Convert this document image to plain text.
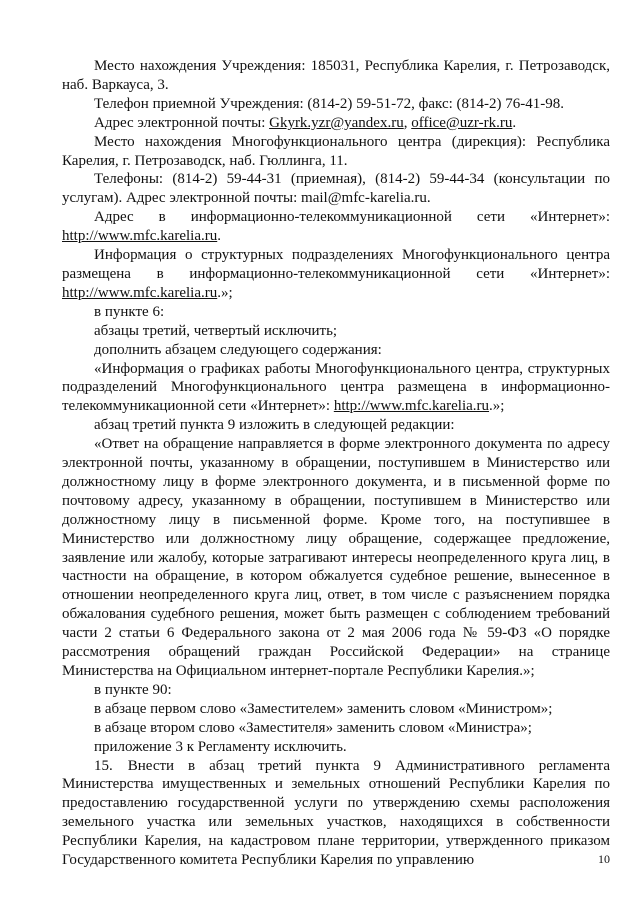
Место нахождения Учреждения: 185031, Республика Карелия, г. Петрозаводск, наб. Варкауса, 3.

Телефон приемной Учреждения: (814-2) 59-51-72, факс: (814-2) 76-41-98.

Адрес электронной почты: Gkyrk.yzr@yandex.ru, office@uzr-rk.ru.

Место нахождения Многофункционального центра (дирекция): Республика Карелия, г. Петрозаводск, наб. Гюллинга, 11.

Телефоны: (814-2) 59-44-31 (приемная), (814-2) 59-44-34 (консультации по услугам). Адрес электронной почты: mail@mfc-karelia.ru.

Адрес в информационно-телекоммуникационной сети «Интернет»: http://www.mfc.karelia.ru.

Информация о структурных подразделениях Многофункционального центра размещена в информационно-телекоммуникационной сети «Интернет»: http://www.mfc.karelia.ru.»;

в пункте 6:

абзацы третий, четвертый исключить;

дополнить абзацем следующего содержания:

«Информация о графиках работы Многофункционального центра, структурных подразделений Многофункционального центра размещена в информационно-телекоммуникационной сети «Интернет»: http://www.mfc.karelia.ru.»;

абзац третий пункта 9 изложить в следующей редакции:

«Ответ на обращение направляется в форме электронного документа по адресу электронной почты, указанному в обращении, поступившем в Министерство или должностному лицу в форме электронного документа, и в письменной форме по почтовому адресу, указанному в обращении, поступившем в Министерство или должностному лицу в письменной форме. Кроме того, на поступившее в Министерство или должностному лицу обращение, содержащее предложение, заявление или жалобу, которые затрагивают интересы неопределенного круга лиц, в частности на обращение, в котором обжалуется судебное решение, вынесенное в отношении неопределенного круга лиц, ответ, в том числе с разъяснением порядка обжалования судебного решения, может быть размещен с соблюдением требований части 2 статьи 6 Федерального закона от 2 мая 2006 года № 59-ФЗ «О порядке рассмотрения обращений граждан Российской Федерации» на странице Министерства на Официальном интернет-портале Республики Карелия.»;

в пункте 90:

в абзаце первом слово «Заместителем» заменить словом «Министром»;

в абзаце втором слово «Заместителя» заменить словом «Министра»;

приложение 3 к Регламенту исключить.

15. Внести в абзац третий пункта 9 Административного регламента Министерства имущественных и земельных отношений Республики Карелия по предоставлению государственной услуги по утверждению схемы расположения земельного участка или земельных участков, находящихся в собственности Республики Карелия, на кадастровом плане территории, утвержденного приказом Государственного комитета Республики Карелия по управлению	10
